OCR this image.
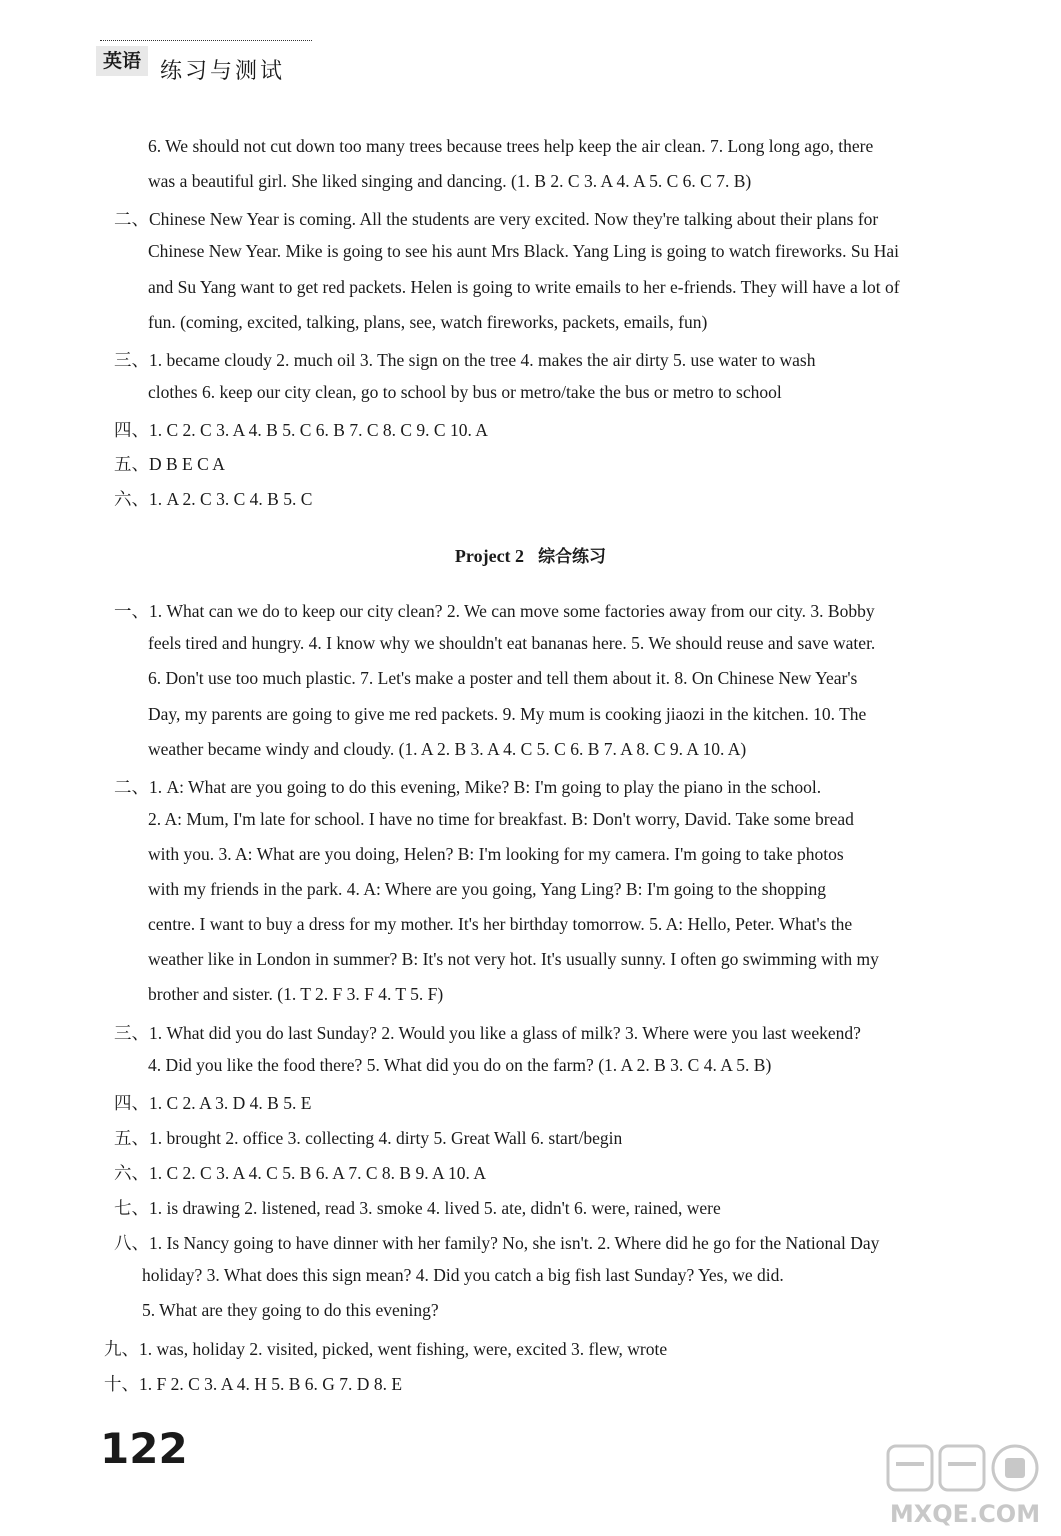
英语 练习与测试
6. We should not cut down too many trees because trees help keep the air clean. 7. Long long ago, there
was a beautiful girl. She liked singing and dancing. (1. B 2. C 3. A 4. A 5. C 6. C 7. B)
二、Chinese New Year is coming. All the students are very excited. Now they're talking about their plans for
Chinese New Year. Mike is going to see his aunt Mrs Black. Yang Ling is going to watch fireworks. Su Hai
and Su Yang want to get red packets. Helen is going to write emails to her e-friends. They will have a lot of
fun. (coming, excited, talking, plans, see, watch fireworks, packets, emails, fun)
三、1. became cloudy 2. much oil 3. The sign on the tree 4. makes the air dirty 5. use water to wash
clothes 6. keep our city clean, go to school by bus or metro/take the bus or metro to school
四、1. C 2. C 3. A 4. B 5. C 6. B 7. C 8. C 9. C 10. A
五、D B E C A
六、1. A 2. C 3. C 4. B 5. C
Project 2 综合练习
一、1. What can we do to keep our city clean? 2. We can move some factories away from our city. 3. Bobby
feels tired and hungry. 4. I know why we shouldn't eat bananas here. 5. We should reuse and save water.
6. Don't use too much plastic. 7. Let's make a poster and tell them about it. 8. On Chinese New Year's
Day, my parents are going to give me red packets. 9. My mum is cooking jiaozi in the kitchen. 10. The
weather became windy and cloudy. (1. A 2. B 3. A 4. C 5. C 6. B 7. A 8. C 9. A 10. A)
二、1. A: What are you going to do this evening, Mike? B: I'm going to play the piano in the school.
2. A: Mum, I'm late for school. I have no time for breakfast. B: Don't worry, David. Take some bread
with you. 3. A: What are you doing, Helen? B: I'm looking for my camera. I'm going to take photos
with my friends in the park. 4. A: Where are you going, Yang Ling? B: I'm going to the shopping
centre. I want to buy a dress for my mother. It's her birthday tomorrow. 5. A: Hello, Peter. What's the
weather like in London in summer? B: It's not very hot. It's usually sunny. I often go swimming with my
brother and sister. (1. T 2. F 3. F 4. T 5. F)
三、1. What did you do last Sunday? 2. Would you like a glass of milk? 3. Where were you last weekend?
4. Did you like the food there? 5. What did you do on the farm? (1. A 2. B 3. C 4. A 5. B)
四、1. C 2. A 3. D 4. B 5. E
五、1. brought 2. office 3. collecting 4. dirty 5. Great Wall 6. start/begin
六、1. C 2. C 3. A 4. C 5. B 6. A 7. C 8. B 9. A 10. A
七、1. is drawing 2. listened, read 3. smoke 4. lived 5. ate, didn't 6. were, rained, were
八、1. Is Nancy going to have dinner with her family? No, she isn't. 2. Where did he go for the National Day
holiday? 3. What does this sign mean? 4. Did you catch a big fish last Sunday? Yes, we did.
5. What are they going to do this evening?
九、1. was, holiday 2. visited, picked, went fishing, were, excited 3. flew, wrote
十、1. F 2. C 3. A 4. H 5. B 6. G 7. D 8. E
122
MXQE.COM
